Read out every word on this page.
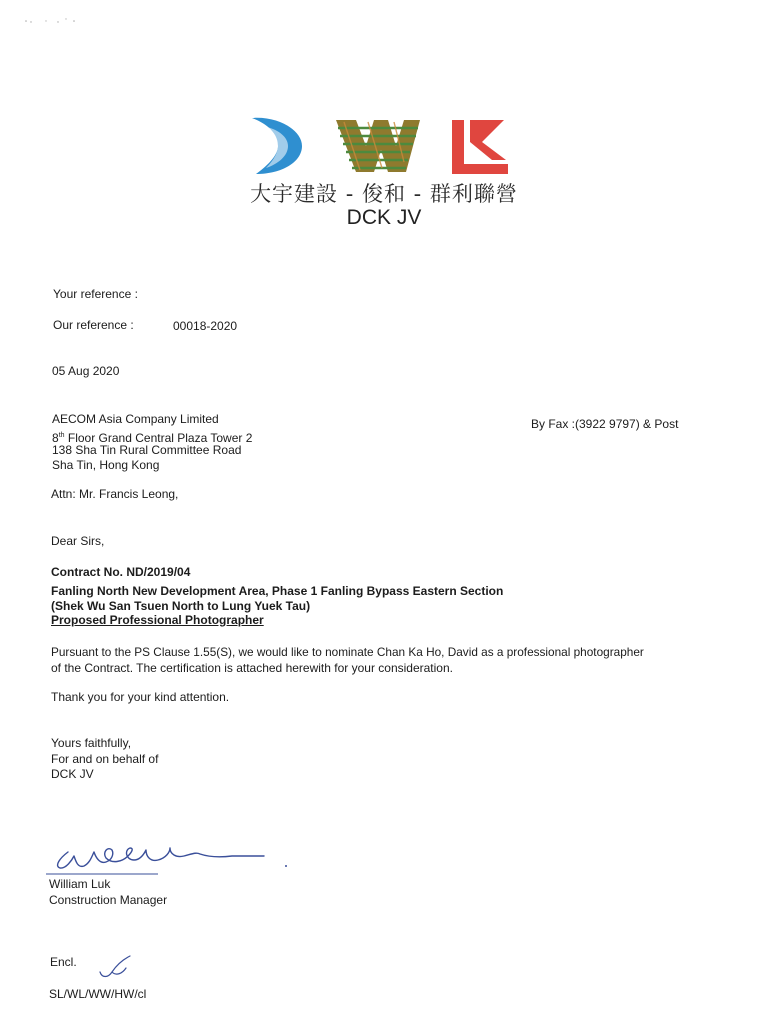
大宇建設 - 俊和 - 群利聯營
DCK JV
Your reference :
Our reference :	00018-2020
05 Aug 2020
AECOM Asia Company Limited
8th Floor Grand Central Plaza Tower 2
138 Sha Tin Rural Committee Road
Sha Tin, Hong Kong
By Fax :(3922 9797) & Post
Attn: Mr. Francis Leong,
Dear Sirs,
Contract No. ND/2019/04
Fanling North New Development Area, Phase 1 Fanling Bypass Eastern Section
(Shek Wu San Tsuen North to Lung Yuek Tau)
Proposed Professional Photographer
Pursuant to the PS Clause 1.55(S), we would like to nominate Chan Ka Ho, David as a professional photographer
of the Contract. The certification is attached herewith for your consideration.
Thank you for your kind attention.
Yours faithfully,
For and on behalf of
DCK JV
William Luk
Construction Manager
Encl.
SL/WL/WW/HW/cl
